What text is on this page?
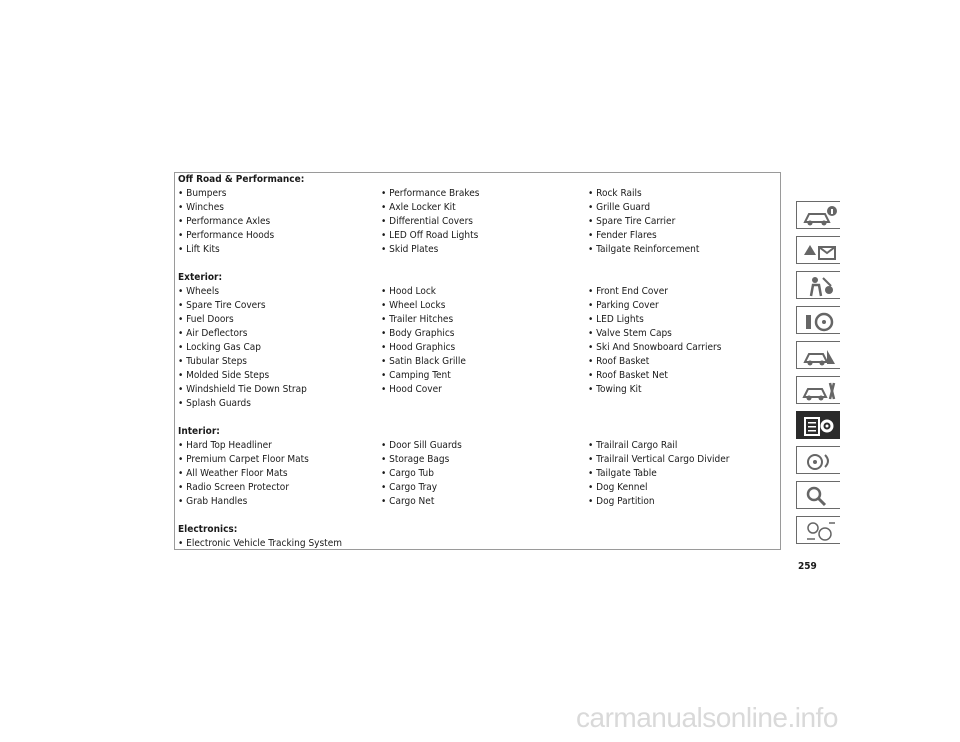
Off Road & Performance:
• Bumpers	• Performance Brakes	• Rock Rails
• Winches	• Axle Locker Kit	• Grille Guard
• Performance Axles	• Differential Covers	• Spare Tire Carrier
• Performance Hoods	• LED Off Road Lights	• Fender Flares
• Lift Kits	• Skid Plates	• Tailgate Reinforcement
Exterior:
• Wheels	• Hood Lock	• Front End Cover
• Spare Tire Covers	• Wheel Locks	• Parking Cover
• Fuel Doors	• Trailer Hitches	• LED Lights
• Air Deflectors	• Body Graphics	• Valve Stem Caps
• Locking Gas Cap	• Hood Graphics	• Ski And Snowboard Carriers
• Tubular Steps	• Satin Black Grille	• Roof Basket
• Molded Side Steps	• Camping Tent	• Roof Basket Net
• Windshield Tie Down Strap	• Hood Cover	• Towing Kit
• Splash Guards
Interior:
• Hard Top Headliner	• Door Sill Guards	• Trailrail Cargo Rail
• Premium Carpet Floor Mats	• Storage Bags	• Trailrail Vertical Cargo Divider
• All Weather Floor Mats	• Cargo Tub	• Tailgate Table
• Radio Screen Protector	• Cargo Tray	• Dog Kennel
• Grab Handles	• Cargo Net	• Dog Partition
Electronics:
• Electronic Vehicle Tracking System
259
carmanualsonline.info
